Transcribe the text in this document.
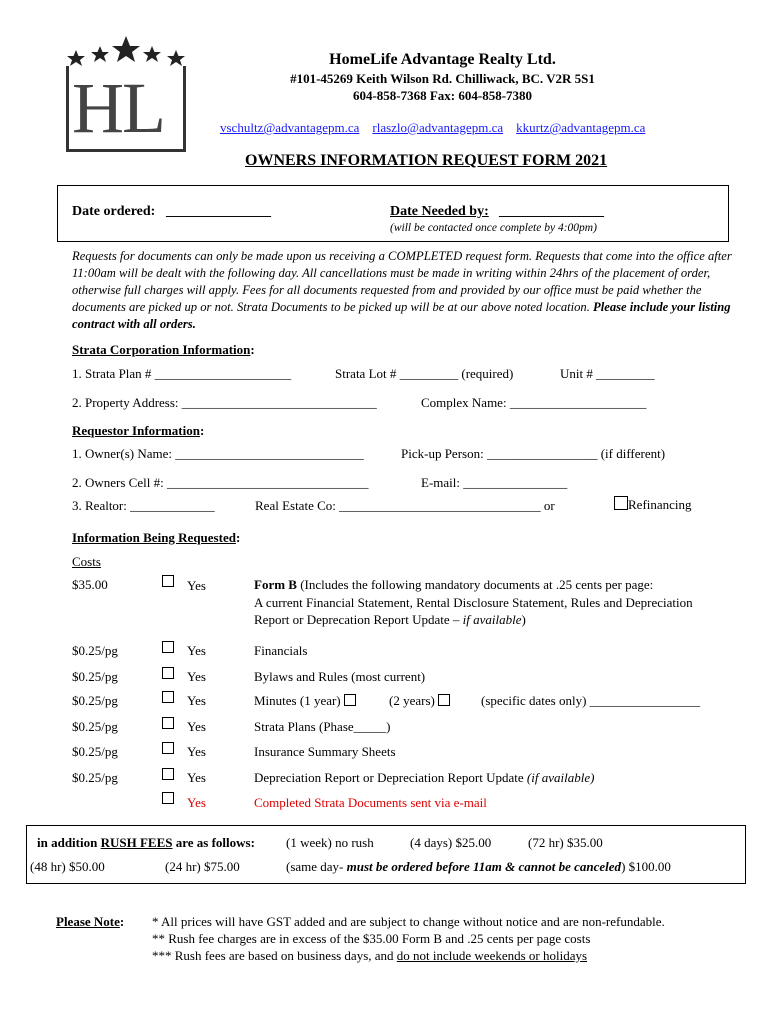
HL
HomeLife Advantage Realty Ltd.
#101-45269 Keith Wilson Rd. Chilliwack, BC. V2R 5S1
604-858-7368 Fax: 604-858-7380
vschultz@advantagepm.ca rlaszlo@advantagepm.ca kkurtz@advantagepm.ca
OWNERS INFORMATION REQUEST FORM 2021
Date ordered: _______________	Date Needed by: _______________
(will be contacted once complete by 4:00pm)
Requests for documents can only be made upon us receiving a COMPLETED request form. Requests that come into the office after 11:00am will be dealt with the following day. All cancellations must be made in writing within 24hrs of the placement of order, otherwise full charges will apply. Fees for all documents requested from and provided by our office must be paid whether the documents are picked up or not. Strata Documents to be picked up will be at our above noted location. Please include your listing contract with all orders.
Strata Corporation Information:
1. Strata Plan # _____________________	Strata Lot # _________ (required)	Unit # _________
2. Property Address: ______________________________	Complex Name: _____________________
Requestor Information:
1. Owner(s) Name: _____________________________	Pick-up Person: _________________ (if different)
2. Owners Cell #: _______________________________	E-mail: ________________
3. Realtor: _____________	Real Estate Co: _______________________________ or	Refinancing
Information Being Requested:
Costs
$35.00	Yes	Form B (Includes the following mandatory documents at .25 cents per page:
A current Financial Statement, Rental Disclosure Statement, Rules and Depreciation
Report or Deprecation Report Update – if available)
$0.25/pg	Yes	Financials
$0.25/pg	Yes	Bylaws and Rules (most current)
$0.25/pg	Yes	Minutes (1 year)	(2 years)	(specific dates only) _________________
$0.25/pg	Yes	Strata Plans (Phase_____)
$0.25/pg	Yes	Insurance Summary Sheets
$0.25/pg	Yes	Depreciation Report or Depreciation Report Update (if available)
Yes	Completed Strata Documents sent via e-mail
in addition RUSH FEES are as follows: (1 week) no rush	(4 days) $25.00	(72 hr) $35.00
(48 hr) $50.00	(24 hr) $75.00	(same day- must be ordered before 11am & cannot be canceled) $100.00
Please Note: * All prices will have GST added and are subject to change without notice and are non-refundable.
** Rush fee charges are in excess of the $35.00 Form B and .25 cents per page costs
*** Rush fees are based on business days, and do not include weekends or holidays
